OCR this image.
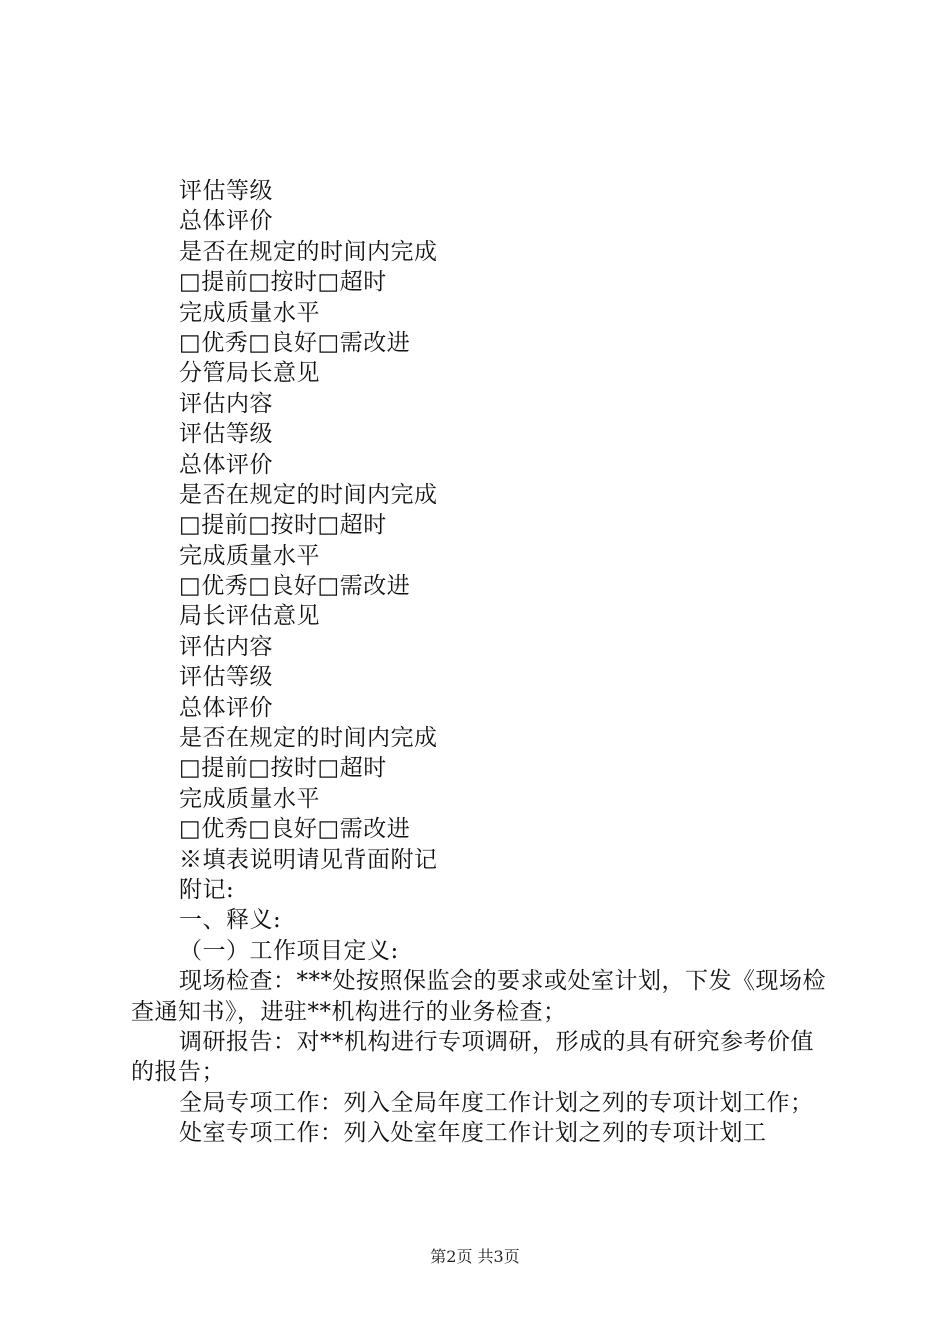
评估等级
总体评价
是否在规定的时间内完成
□提前□按时□超时
完成质量水平
□优秀□良好□需改进
分管局长意见
评估内容
评估等级
总体评价
是否在规定的时间内完成
□提前□按时□超时
完成质量水平
□优秀□良好□需改进
局长评估意见
评估内容
评估等级
总体评价
是否在规定的时间内完成
□提前□按时□超时
完成质量水平
□优秀□良好□需改进
※填表说明请见背面附记
附记:
一、释义:
（一）工作项目定义:
现场检查：***处按照保监会的要求或处室计划，下发《现场检查通知书》，进驻**机构进行的业务检查；
调研报告：对**机构进行专项调研，形成的具有研究参考价值的报告；
全局专项工作：列入全局年度工作计划之列的专项计划工作；
处室专项工作：列入处室年度工作计划之列的专项计划工
第2页 共3页
